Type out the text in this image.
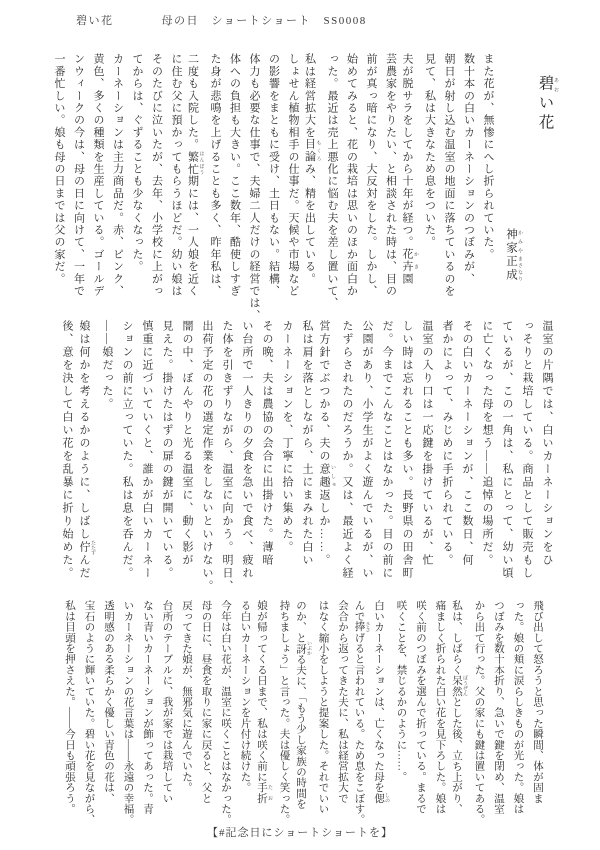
碧い花	母の日　ショートショート　SS0008
碧 あおい花
神家 かみや正成 まさなり
また花が、無惨にへし折られていた。
数十本の白いカーネーションのつぼみが、
朝日が射し込む温室の地面に落ちているのを
見て、私は大きなため息をついた。
夫が脱サラをしてから十年が経つ。花卉 かき園
芸農家をやりたい、と相談された時は、目の
前が真っ暗になり、大反対をした。しかし、
始めてみると、花の栽培は思いのほか面白か
った。最近は売上悪化に悩む夫を差し置いて、
私は経営拡大を目論 もくろみ、精を出している。
しょせん植物相手の仕事だ。天候や市場など
の影響をまともに受け、土日もない。結構、
体力も必要な仕事で、夫婦二人だけの経営では、
体への負担も大きい。ここ数年、酷使しすぎ
た身が悲鳴を上げることも多く、昨年私は、
二度も入院した。繁忙 はんぼう期には、一人娘を近く
に住む父に預かってもらうほどだ。幼い娘は
そのたびに泣いたが、去年、小学校に上がっ
てからは、ぐずることも少なくなった。
カーネーションは主力商品だ。赤、ピンク、
黄色、多くの種類を生産している。ゴールデ
ンウィークの今は、母の日に向けて、一年で
一番忙しい。娘も母の日までは父の家だ。
温室の片隅では、白いカーネーションをひ
っそりと栽培している。商品として販売もし
ているが、この一角は、私にとって、幼い頃
に亡くなった母を想う——追悼の場所だ。
その白いカーネーションが、ここ数日、何
者かによって、みじめに手折られている。
温室の入り口は一応鍵を掛けているが、忙
しい時は忘れることも多い。長野県の田舎町
だ。今までこんなことはなかった。目の前に
公園があり、小学生がよく遊んでいるが、い
たずらされたのだろうか。又は、最近よく経
営方針でぶつかる、夫の意趣 いしゅ返しか……。
私は肩を落としながら、土にまみれた白い
カーネーションを、丁寧に拾い集めた。
その晩、夫は農協の会合に出掛けた。薄暗
い台所で一人きりの夕食を急いで食べ、疲れ
た体を引きずりながら、温室に向かう。明日、
出荷予定の花の選定作業をしないといけない。
闇の中、ぼんやりと光る温室に、動く影が
見えた。掛けたはずの扉の鍵が開いている。
慎重に近づいていくと、誰かが白いカーネー
ションの前に立っていた。私は息を呑んだ。
——娘だった。
娘は何かを考えるかのように、しばし佇 たたずんだ
後、意を決して白い花を乱暴に折り始めた。
飛び出して怒ろうと思った瞬間、体が固ま
った。娘の頬に涙らしきものが光った。娘は
つぼみを数十本折り、急いで鍵を閉め、温室
から出て行った。父の家にも鍵は置いてある。
私は、しばらく呆然 ぼうぜんとした後、立ち上がり、
痛ましく折られた白い花を見下ろした。娘は
咲く前のつぼみを選んで折っている。まるで
咲くことを、禁じるかのように……。
白いカーネーションは、亡くなった母を偲 しの
んで捧 ささげると言われている。ため息をこぼす。
会合から返ってきた夫に、私は経営拡大で
はなく縮小をしようと提案した。それでいい
のか、と訝 いぶかる夫に、「もう少し家族の時間を
持ちましょう」と言った。夫は優しく笑った。
娘が帰ってくる日まで、私は咲く前に手折 たお
る白いカーネーションを片付け続けた。
今年は白い花が、温室に咲くことはなかった。
母の日に、昼食を取りに家に戻ると、父と
戻ってきた娘が、無邪気に遊んでいた。
台所のテーブルに、我が家では栽培してい
ない青いカーネーションが飾ってあった。青
いカーネーションの花言葉は——永遠の幸福。
透明感のある柔らかく優しい青色の花は、
宝石のように輝いていた。碧い花を見ながら、
私は目頭を押さえた。——今日も頑張ろう。
【#記念日にショートショートを】
